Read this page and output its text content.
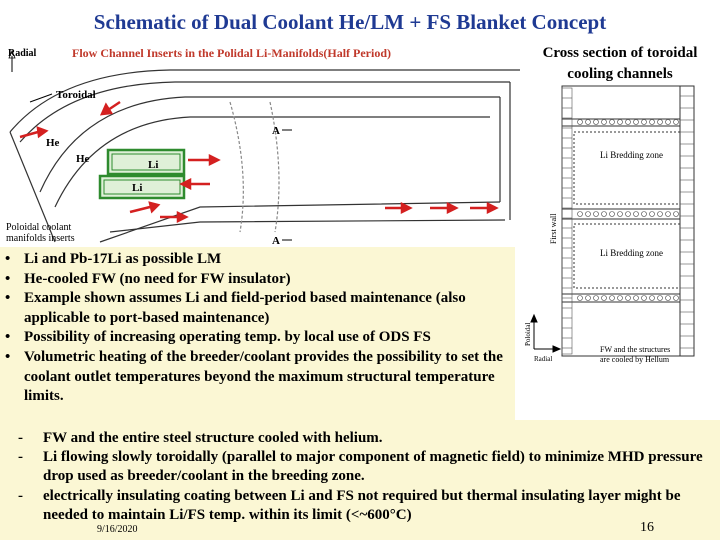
Schematic of Dual Coolant He/LM + FS Blanket Concept
Cross section of toroidal
cooling channels
Radial	Flow Channel Inserts in the Polidal Li-Manifolds(Half Period)
Toroidal
Li
Li
He
He
A
A
Poloidal coolant
manifolds inserts
Li Bredding zone
Li Bredding zone
First wall
Poloidal
Radial
FW and the structures
are cooled by Hellum
• Li and Pb-17Li as possible LM
• He-cooled FW (no need for FW insulator)
• Example shown assumes Li and field-period based maintenance (also applicable to port-based maintenance)
• Possibility of increasing operating temp. by local use of ODS FS
• Volumetric heating of the breeder/coolant provides the possibility to set the coolant outlet temperatures beyond the maximum structural temperature limits.
- FW and the entire steel structure cooled with helium.
- Li flowing slowly toroidally (parallel to major component of magnetic field) to minimize MHD pressure drop used as breeder/coolant in the breeding zone.
- electrically insulating coating between Li and FS not required but thermal insulating layer might be needed to maintain Li/FS temp. within its limit (<~600°C)
9/16/2020	16
